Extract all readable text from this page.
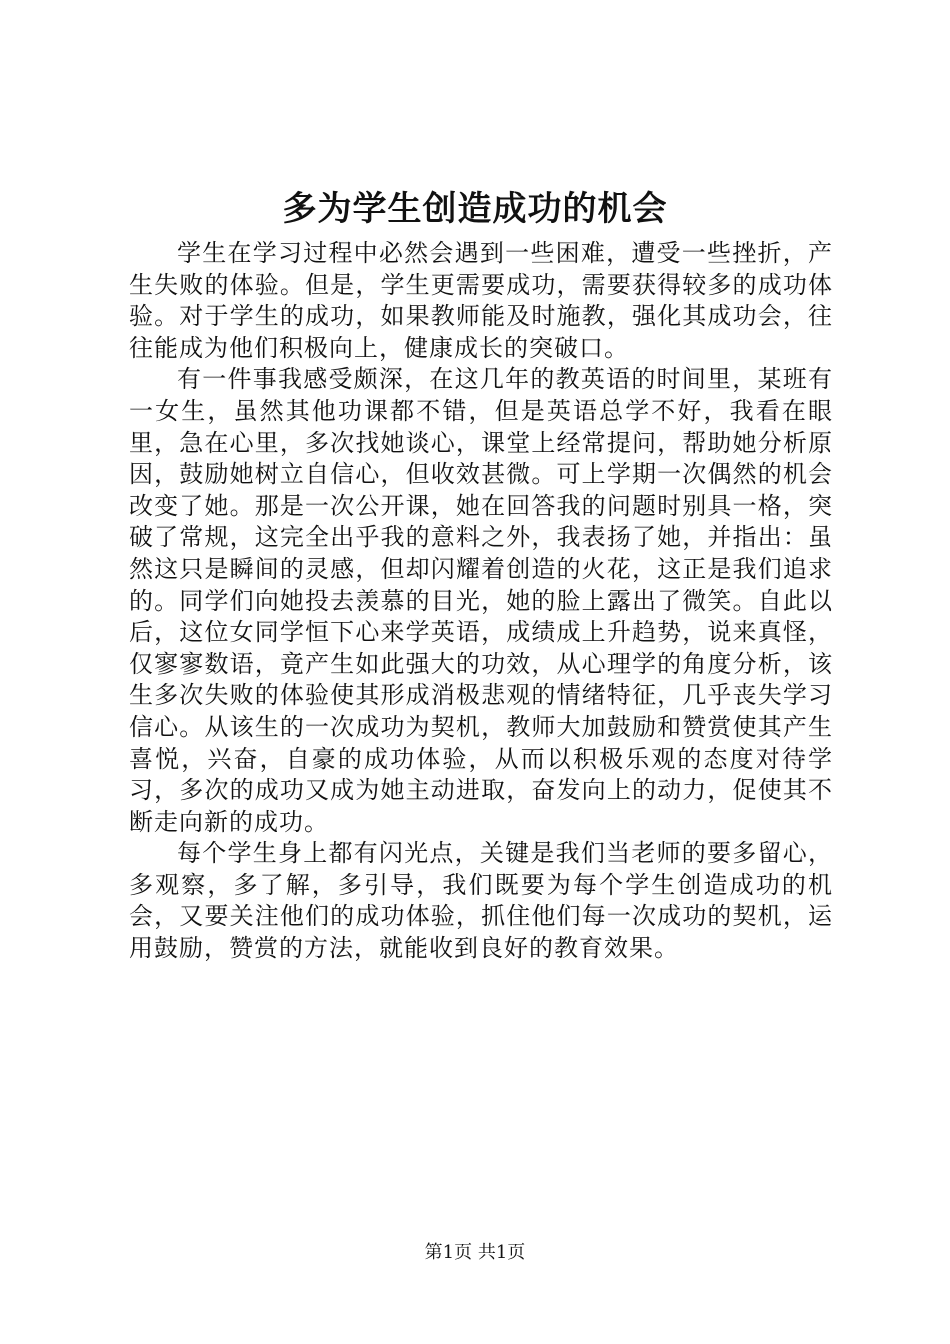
多为学生创造成功的机会

学生在学习过程中必然会遇到一些困难，遭受一些挫折，产生失败的体验。但是，学生更需要成功，需要获得较多的成功体验。对于学生的成功，如果教师能及时施教，强化其成功会，往往能成为他们积极向上，健康成长的突破口。

有一件事我感受颇深，在这几年的教英语的时间里，某班有一女生，虽然其他功课都不错，但是英语总学不好，我看在眼里，急在心里，多次找她谈心，课堂上经常提问，帮助她分析原因，鼓励她树立自信心，但收效甚微。可上学期一次偶然的机会改变了她。那是一次公开课，她在回答我的问题时别具一格，突破了常规，这完全出乎我的意料之外，我表扬了她，并指出：虽然这只是瞬间的灵感，但却闪耀着创造的火花，这正是我们追求的。同学们向她投去羡慕的目光，她的脸上露出了微笑。自此以后，这位女同学恒下心来学英语，成绩成上升趋势，说来真怪，仅寥寥数语，竟产生如此强大的功效，从心理学的角度分析，该生多次失败的体验使其形成消极悲观的情绪特征，几乎丧失学习信心。从该生的一次成功为契机，教师大加鼓励和赞赏使其产生喜悦，兴奋，自豪的成功体验，从而以积极乐观的态度对待学习，多次的成功又成为她主动进取，奋发向上的动力，促使其不断走向新的成功。

每个学生身上都有闪光点，关键是我们当老师的要多留心，多观察，多了解，多引导，我们既要为每个学生创造成功的机会，又要关注他们的成功体验，抓住他们每一次成功的契机，运用鼓励，赞赏的方法，就能收到良好的教育效果。

第1页 共1页
